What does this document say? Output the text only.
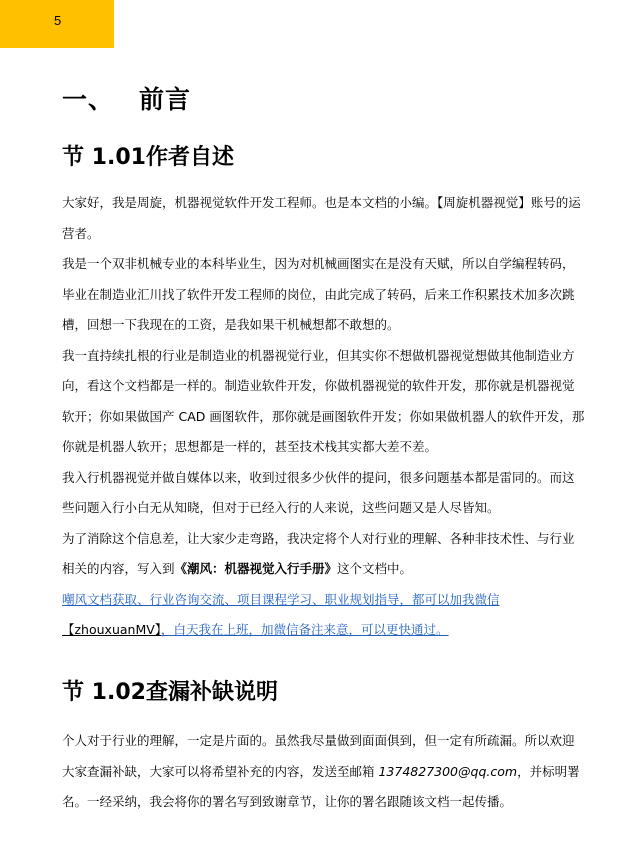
5
一、 前言
节 1.01作者自述

大家好，我是周旋，机器视觉软件开发工程师。也是本文档的小编。【周旋机器视觉】账号的运营者。

我是一个双非机械专业的本科毕业生，因为对机械画图实在是没有天赋，所以自学编程转码，毕业在制造业汇川找了软件开发工程师的岗位，由此完成了转码，后来工作积累技术加多次跳槽，回想一下我现在的工资，是我如果干机械想都不敢想的。

我一直持续扎根的行业是制造业的机器视觉行业，但其实你不想做机器视觉想做其他制造业方向，看这个文档都是一样的。制造业软件开发，你做机器视觉的软件开发，那你就是机器视觉软开；你如果做国产 CAD 画图软件，那你就是画图软件开发；你如果做机器人的软件开发，那你就是机器人软开；思想都是一样的，甚至技术栈其实都大差不差。

我入行机器视觉并做自媒体以来，收到过很多少伙伴的提问，很多问题基本都是雷同的。而这些问题入行小白无从知晓，但对于已经入行的人来说，这些问题又是人尽皆知。

为了消除这个信息差，让大家少走弯路，我决定将个人对行业的理解、各种非技术性、与行业相关的内容，写入到《潮风：机器视觉入行手册》这个文档中。

嘲风文档获取、行业咨询交流、项目课程学习、职业规划指导，都可以加我微信

【zhouxuanMV】，白天我在上班，加微信备注来意，可以更快通过。

节 1.02查漏补缺说明

个人对于行业的理解，一定是片面的。虽然我尽量做到面面俱到，但一定有所疏漏。所以欢迎大家查漏补缺，大家可以将希望补充的内容，发送至邮箱 1374827300@qq.com，并标明署名。一经采纳，我会将你的署名写到致谢章节，让你的署名跟随该文档一起传播。
